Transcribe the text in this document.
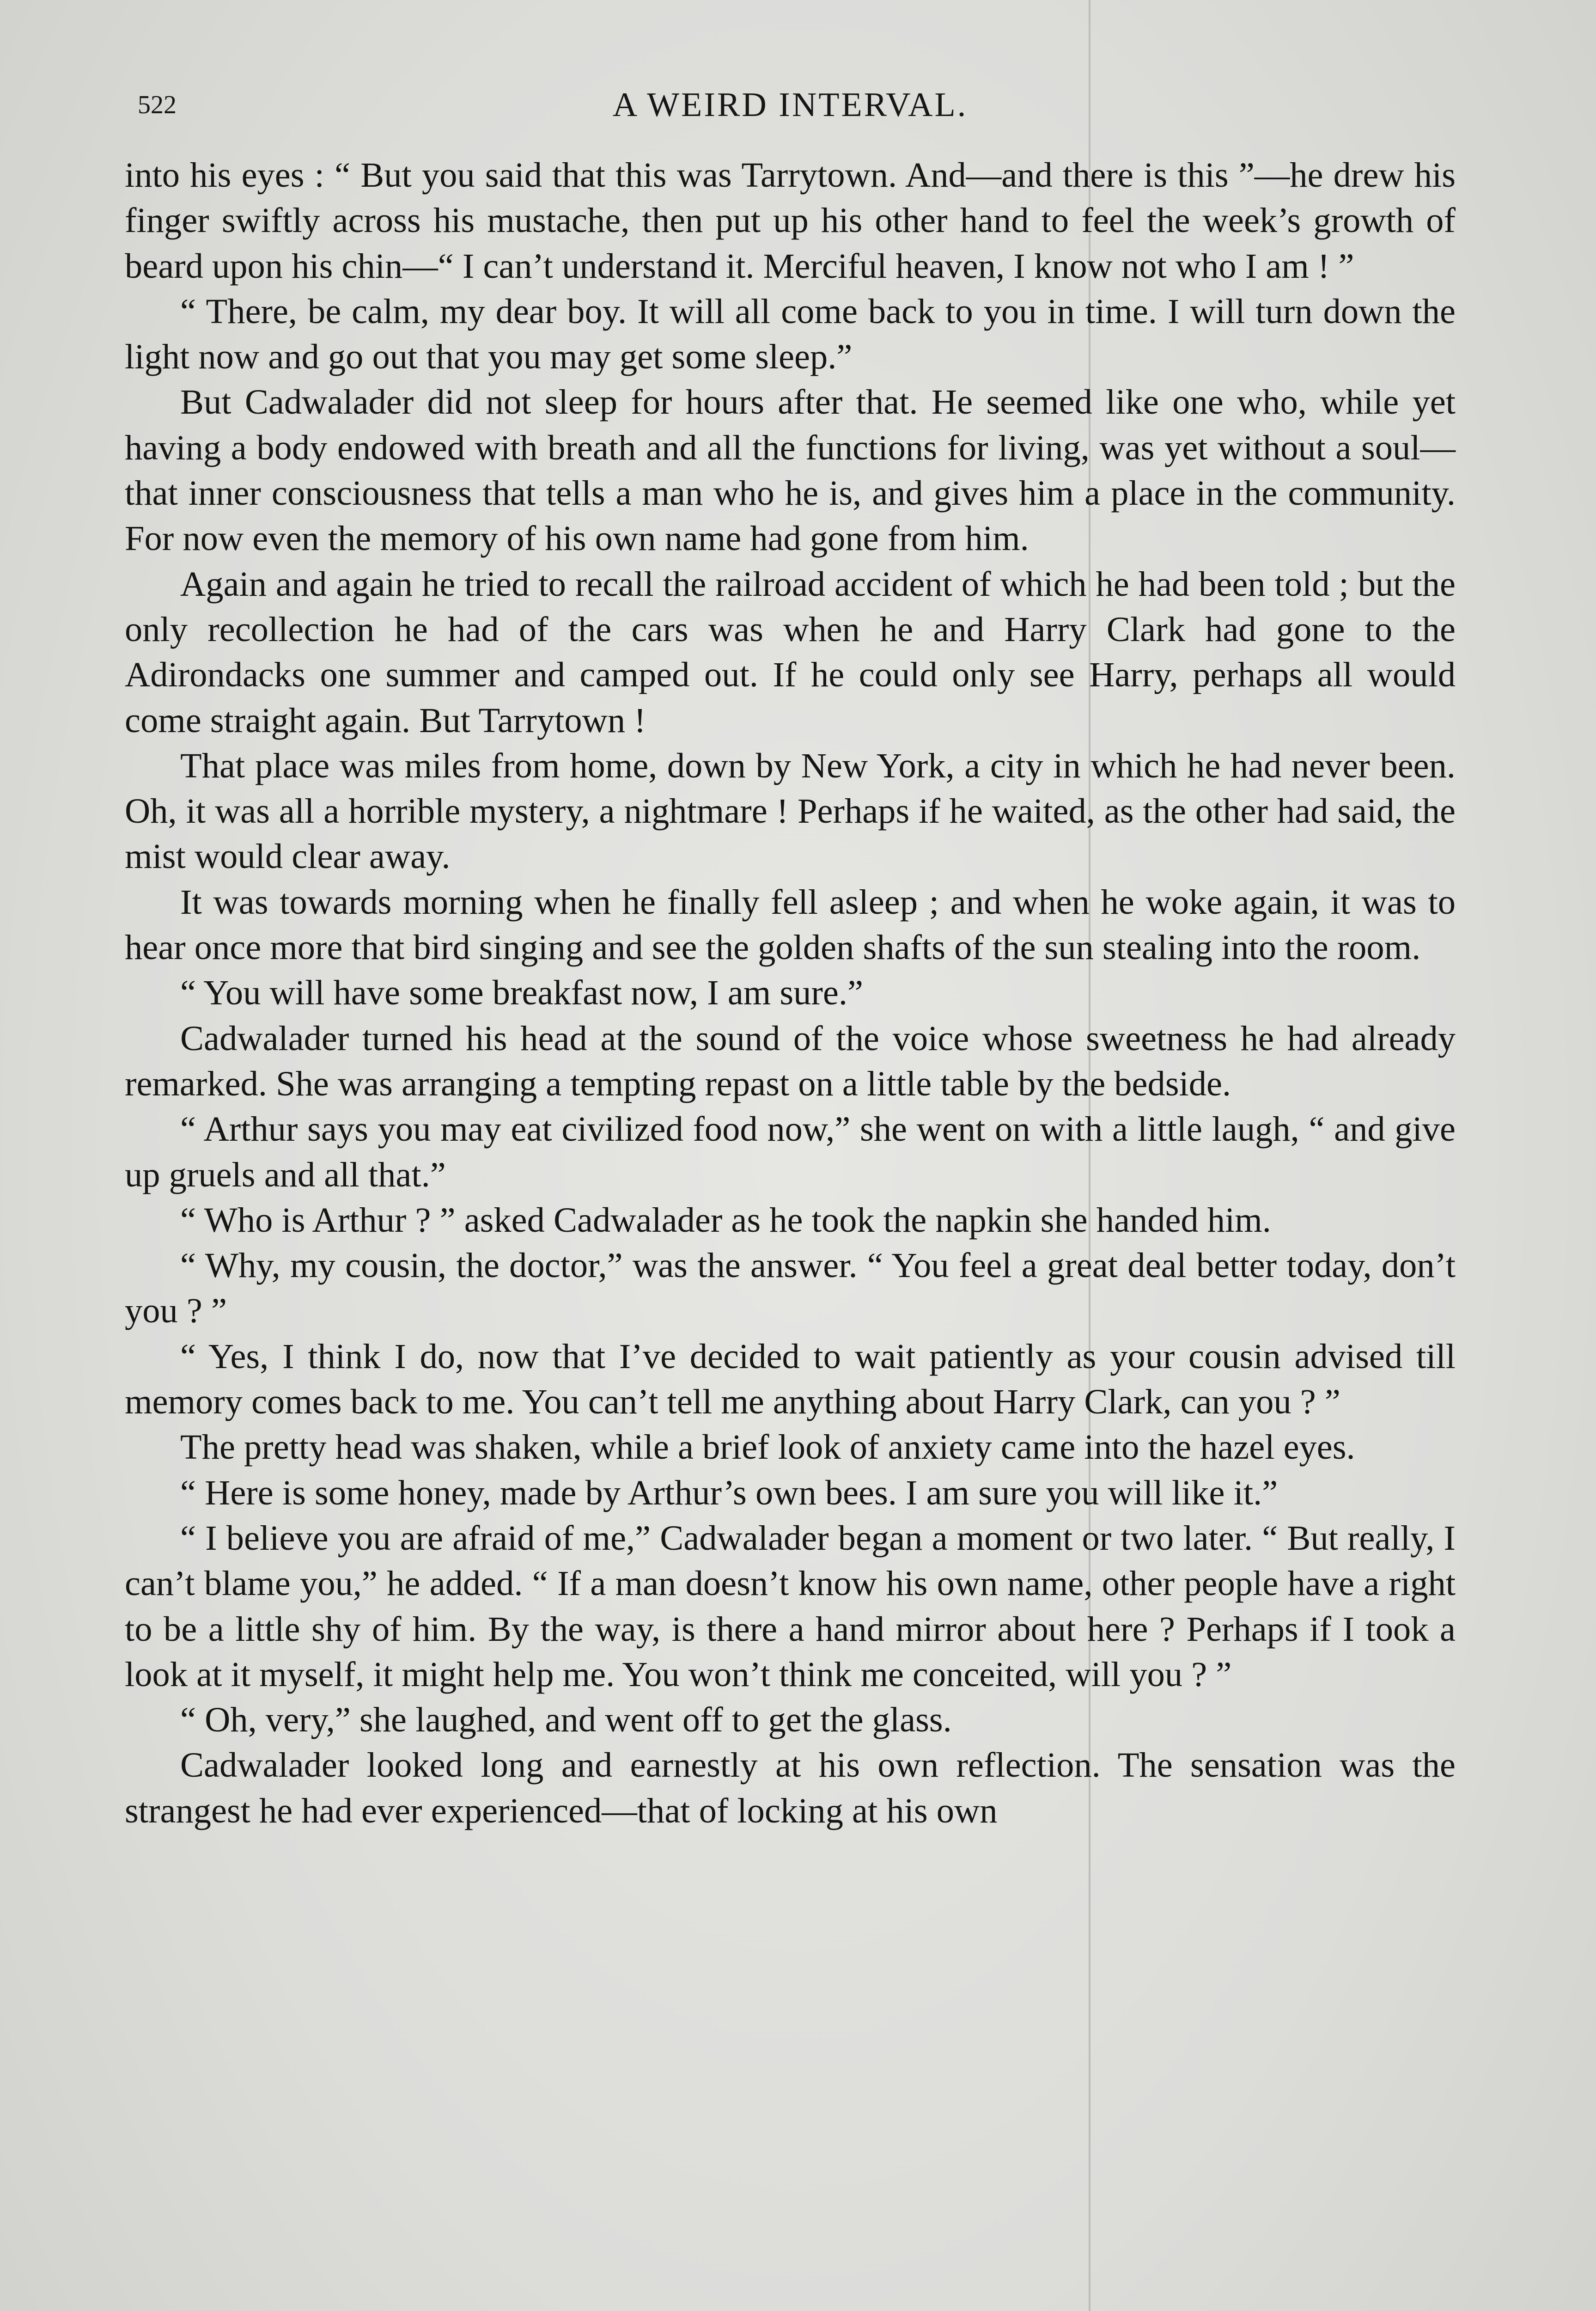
522	A WEIRD INTERVAL.

into his eyes : “ But you said that this was Tarrytown. And—and there is this ”—he drew his finger swiftly across his mustache, then put up his other hand to feel the week’s growth of beard upon his chin—“ I can’t understand it. Merciful heaven, I know not who I am ! ”

“ There, be calm, my dear boy. It will all come back to you in time. I will turn down the light now and go out that you may get some sleep.”

But Cadwalader did not sleep for hours after that. He seemed like one who, while yet having a body endowed with breath and all the functions for living, was yet without a soul—that inner consciousness that tells a man who he is, and gives him a place in the community. For now even the memory of his own name had gone from him.

Again and again he tried to recall the railroad accident of which he had been told ; but the only recollection he had of the cars was when he and Harry Clark had gone to the Adirondacks one summer and camped out. If he could only see Harry, perhaps all would come straight again. But Tarrytown !

That place was miles from home, down by New York, a city in which he had never been. Oh, it was all a horrible mystery, a nightmare ! Perhaps if he waited, as the other had said, the mist would clear away.

It was towards morning when he finally fell asleep ; and when he woke again, it was to hear once more that bird singing and see the golden shafts of the sun stealing into the room.

“ You will have some breakfast now, I am sure.”

Cadwalader turned his head at the sound of the voice whose sweetness he had already remarked. She was arranging a tempting repast on a little table by the bedside.

“ Arthur says you may eat civilized food now,” she went on with a little laugh, “ and give up gruels and all that.”

“ Who is Arthur ? ” asked Cadwalader as he took the napkin she handed him.

“ Why, my cousin, the doctor,” was the answer. “ You feel a great deal better today, don’t you ? ”

“ Yes, I think I do, now that I’ve decided to wait patiently as your cousin advised till memory comes back to me. You can’t tell me anything about Harry Clark, can you ? ”

The pretty head was shaken, while a brief look of anxiety came into the hazel eyes.

“ Here is some honey, made by Arthur’s own bees. I am sure you will like it.”

“ I believe you are afraid of me,” Cadwalader began a moment or two later. “ But really, I can’t blame you,” he added. “ If a man doesn’t know his own name, other people have a right to be a little shy of him. By the way, is there a hand mirror about here ? Perhaps if I took a look at it myself, it might help me. You won’t think me conceited, will you ? ”

“ Oh, very,” she laughed, and went off to get the glass.

Cadwalader looked long and earnestly at his own reflection. The sensation was the strangest he had ever experienced—that of locking at his own
